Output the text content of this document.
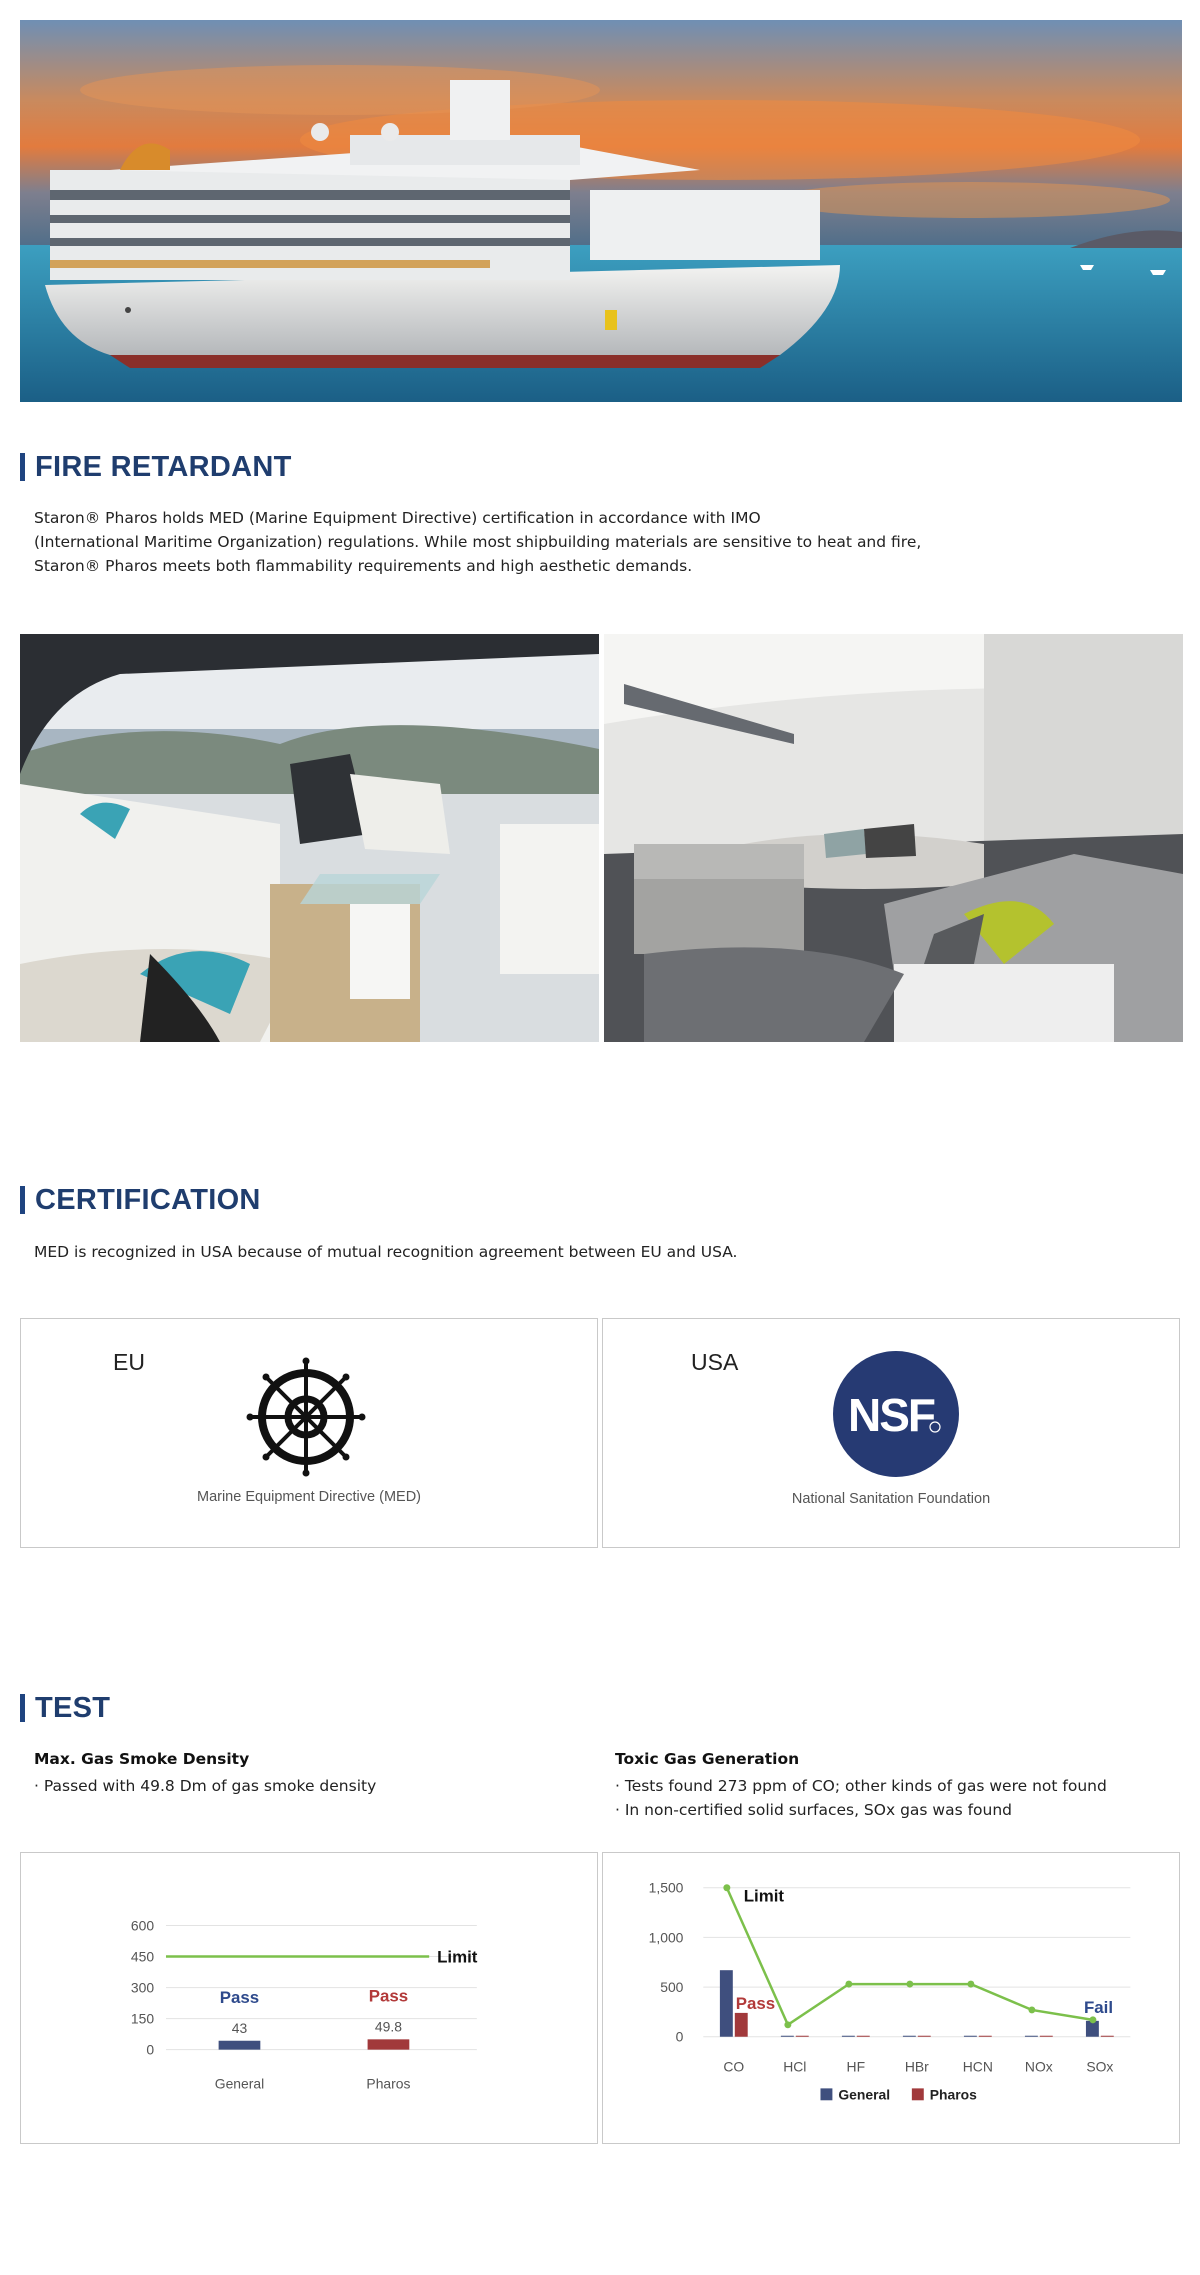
FIRE RETARDANT

Staron® Pharos holds MED (Marine Equipment Directive) certification in accordance with IMO

(International Maritime Organization) regulations. While most shipbuilding materials are sensitive to heat and fire,

Staron® Pharos meets both flammability requirements and high aesthetic demands.

CERTIFICATION

MED is recognized in USA because of mutual recognition agreement between EU and USA.

EU
Marine Equipment Directive (MED)
USA
NSF
National Sanitation Foundation
TEST
Max. Gas Smoke Density
· Passed with 49.8 Dm of gas smoke density
Toxic Gas Generation
· Tests found 273 ppm of CO; other kinds of gas were not found
· In non-certified solid surfaces, SOx gas was found
600
450
300
150
0
Limit
43
Pass
General
49.8
Pass
Pharos
1,500
1,000
500
0
CO	HCl	HF	HBr HCN NOx SOx
Limit
Pass	Fail
General	Pharos
